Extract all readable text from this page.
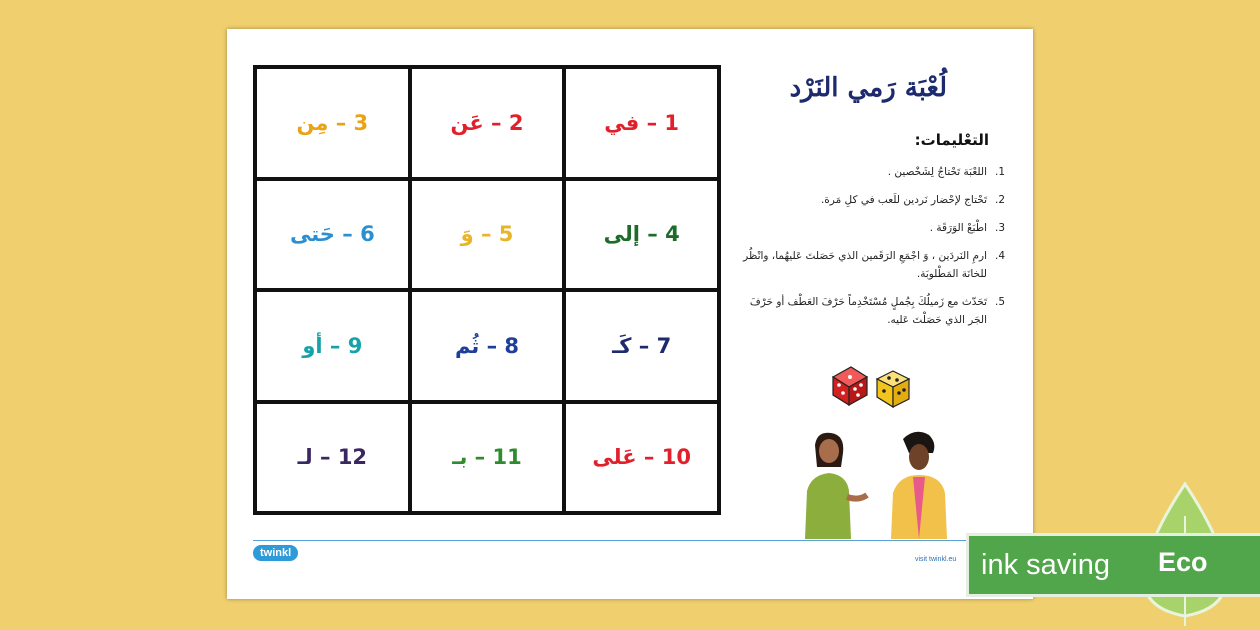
3 – مِن	2 – عَن	1 – في
6 – حَتى	5 – وَ	4 – إلى
9 – أو	8 – ثُم	7 – كَـ
12 – لـ	11 – بـ	10 – عَلى
لُعْبَة رَمي النَرْد
التعْليمات:
1.
اللعْبَة تَحْتاجُ لِشَخْصين .
2.
تَحْتاج لإحْضار نَردين للَعب في كلِ مَرة.
3.
اطْبَعْ الوَرَقَة .
4.
ارمِ النَردَين ، وَ اجْمَعِ الرَقَمين الذي حَصَلتَ عَليهُما، وانْظُر للخانَة المَطْلوبَة.
5.
تَحَدّث مع زَميلُكَ بِجُملٍ مُسْتَخْدِماً حَرْفَ العَطْف أو حَرْفَ الجَر الذي حَصَلْتَ عَليه.
twinkl
visit twinkl.eu ink saving Eco
